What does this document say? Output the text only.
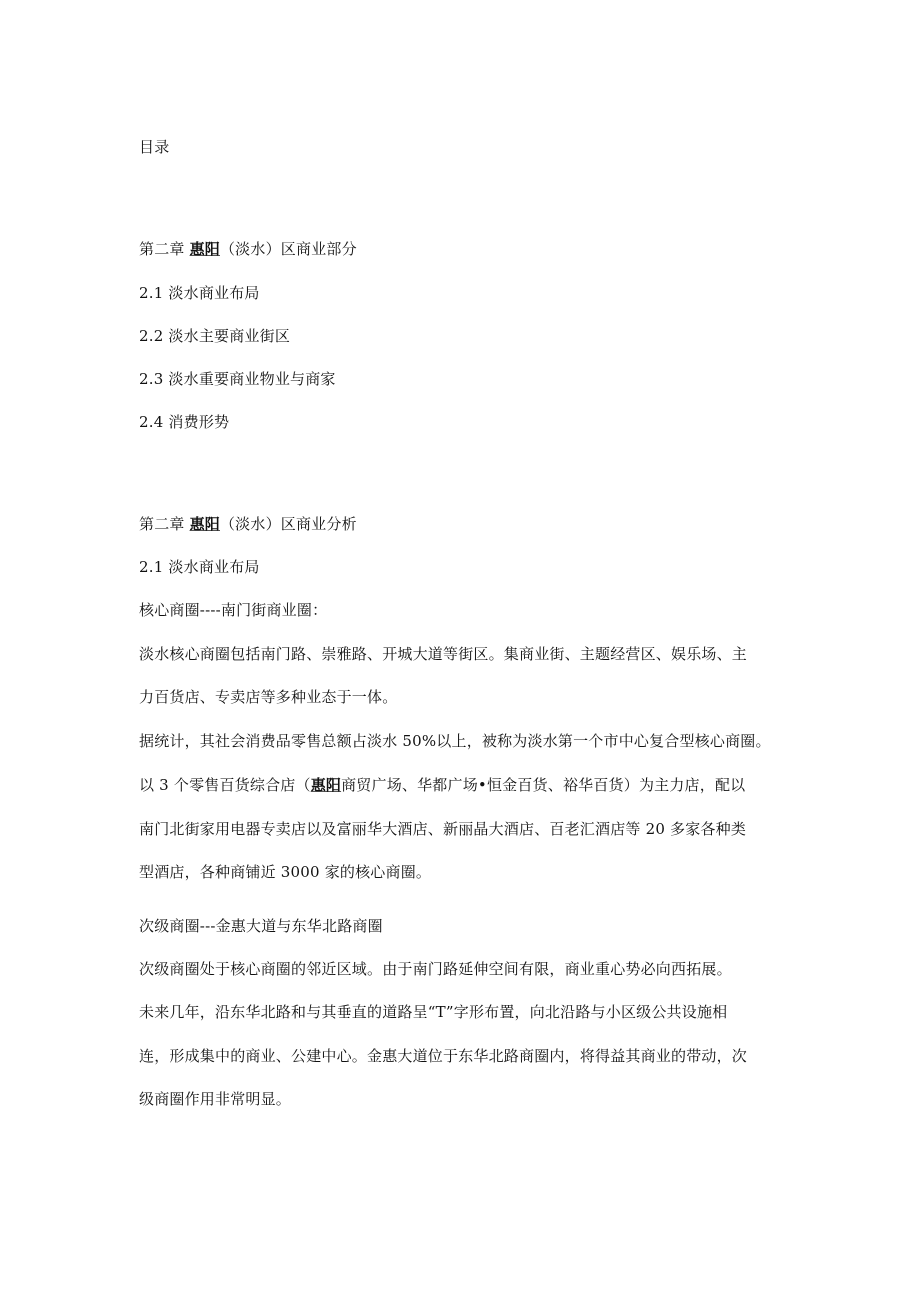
目录
第二章 惠阳（淡水）区商业部分
2.1 淡水商业布局
2.2 淡水主要商业街区
2.3 淡水重要商业物业与商家
2.4 消费形势
第二章 惠阳（淡水）区商业分析
2.1 淡水商业布局
核心商圈----南门街商业圈：
淡水核心商圈包括南门路、崇雅路、开城大道等街区。集商业街、主题经营区、娱乐场、主
力百货店、专卖店等多种业态于一体。
据统计，其社会消费品零售总额占淡水 50%以上，被称为淡水第一个市中心复合型核心商圈。
以 3 个零售百货综合店（惠阳商贸广场、华都广场•恒金百货、裕华百货）为主力店，配以
南门北街家用电器专卖店以及富丽华大酒店、新丽晶大酒店、百老汇酒店等 20 多家各种类
型酒店，各种商铺近 3000 家的核心商圈。
次级商圈---金惠大道与东华北路商圈
次级商圈处于核心商圈的邻近区域。由于南门路延伸空间有限，商业重心势必向西拓展。
未来几年，沿东华北路和与其垂直的道路呈“T”字形布置，向北沿路与小区级公共设施相
连，形成集中的商业、公建中心。金惠大道位于东华北路商圈内，将得益其商业的带动，次
级商圈作用非常明显。
